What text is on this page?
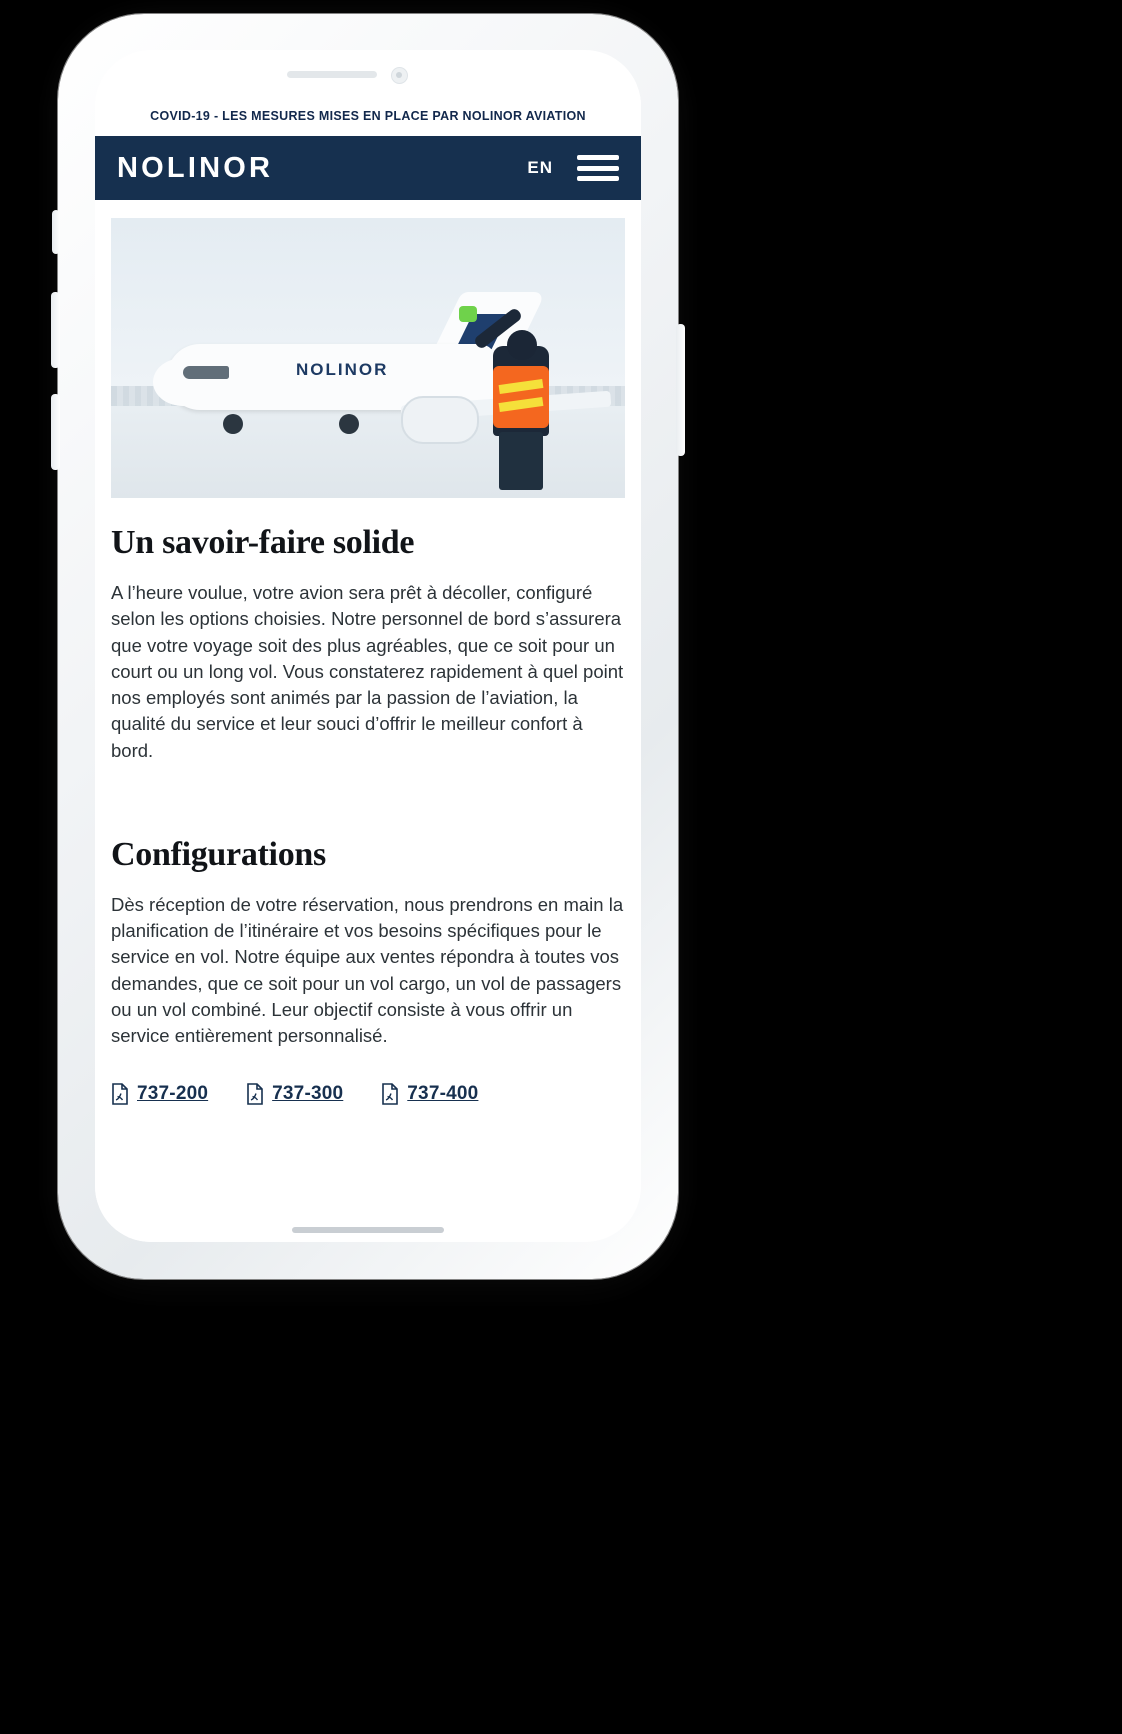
COVID-19 - LES MESURES MISES EN PLACE PAR NOLINOR AVIATION
NOLINOR	EN
NOLINOR
Un savoir-faire solide

A l’heure voulue, votre avion sera prêt à décoller, configuré selon les options choisies. Notre personnel de bord s’assurera que votre voyage soit des plus agréables, que ce soit pour un court ou un long vol. Vous constaterez rapidement à quel point nos employés sont animés par la passion de l’aviation, la qualité du service et leur souci d’offrir le meilleur confort à bord.

Configurations

Dès réception de votre réservation, nous prendrons en main la planification de l’itinéraire et vos besoins spécifiques pour le service en vol. Notre équipe aux ventes répondra à toutes vos demandes, que ce soit pour un vol cargo, un vol de passagers ou un vol combiné. Leur objectif consiste à vous offrir un service entièrement personnalisé.

737-200	737-300	737-400
